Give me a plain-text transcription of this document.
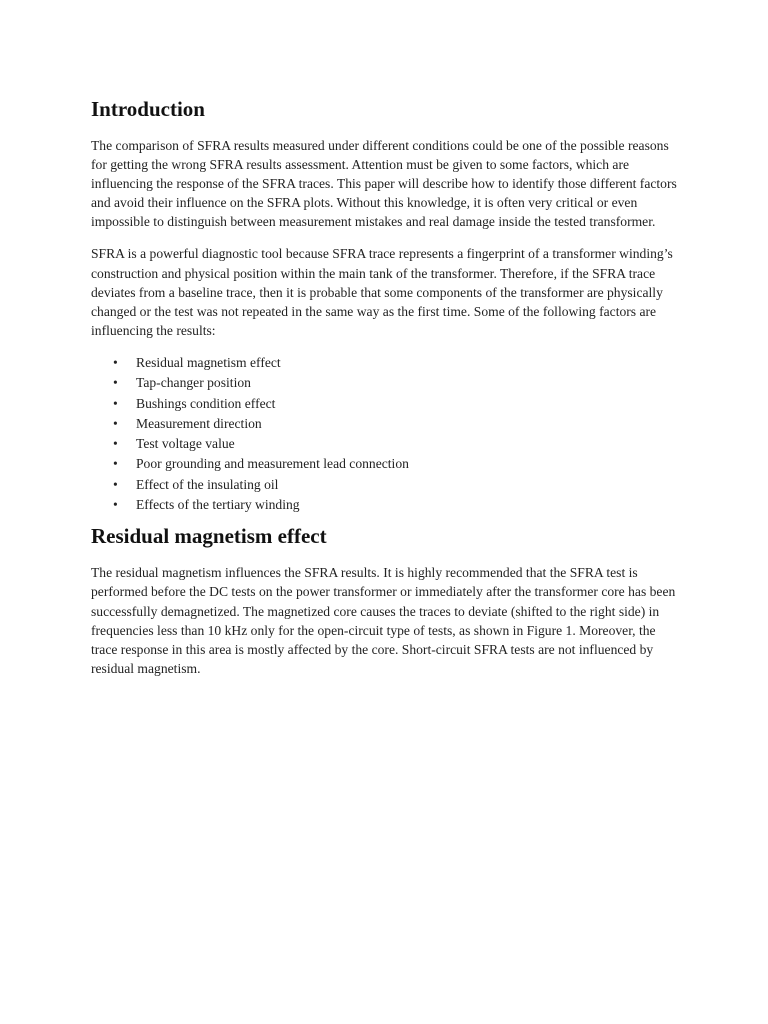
Introduction

The comparison of SFRA results measured under different conditions could be one of the possible reasons for getting the wrong SFRA results assessment. Attention must be given to some factors, which are influencing the response of the SFRA traces. This paper will describe how to identify those different factors and avoid their influence on the SFRA plots. Without this knowledge, it is often very critical or even impossible to distinguish between measurement mistakes and real damage inside the tested transformer.

SFRA is a powerful diagnostic tool because SFRA trace represents a fingerprint of a transformer winding’s construction and physical position within the main tank of the transformer. Therefore, if the SFRA trace deviates from a baseline trace, then it is probable that some components of the transformer are physically changed or the test was not repeated in the same way as the first time. Some of the following factors are influencing the results:

• Residual magnetism effect
• Tap-changer position
• Bushings condition effect
• Measurement direction
• Test voltage value
• Poor grounding and measurement lead connection
• Effect of the insulating oil
• Effects of the tertiary winding
Residual magnetism effect

The residual magnetism influences the SFRA results. It is highly recommended that the SFRA test is performed before the DC tests on the power transformer or immediately after the transformer core has been successfully demagnetized. The magnetized core causes the traces to deviate (shifted to the right side) in frequencies less than 10 kHz only for the open-circuit type of tests, as shown in Figure 1. Moreover, the trace response in this area is mostly affected by the core. Short-circuit SFRA tests are not influenced by residual magnetism.
